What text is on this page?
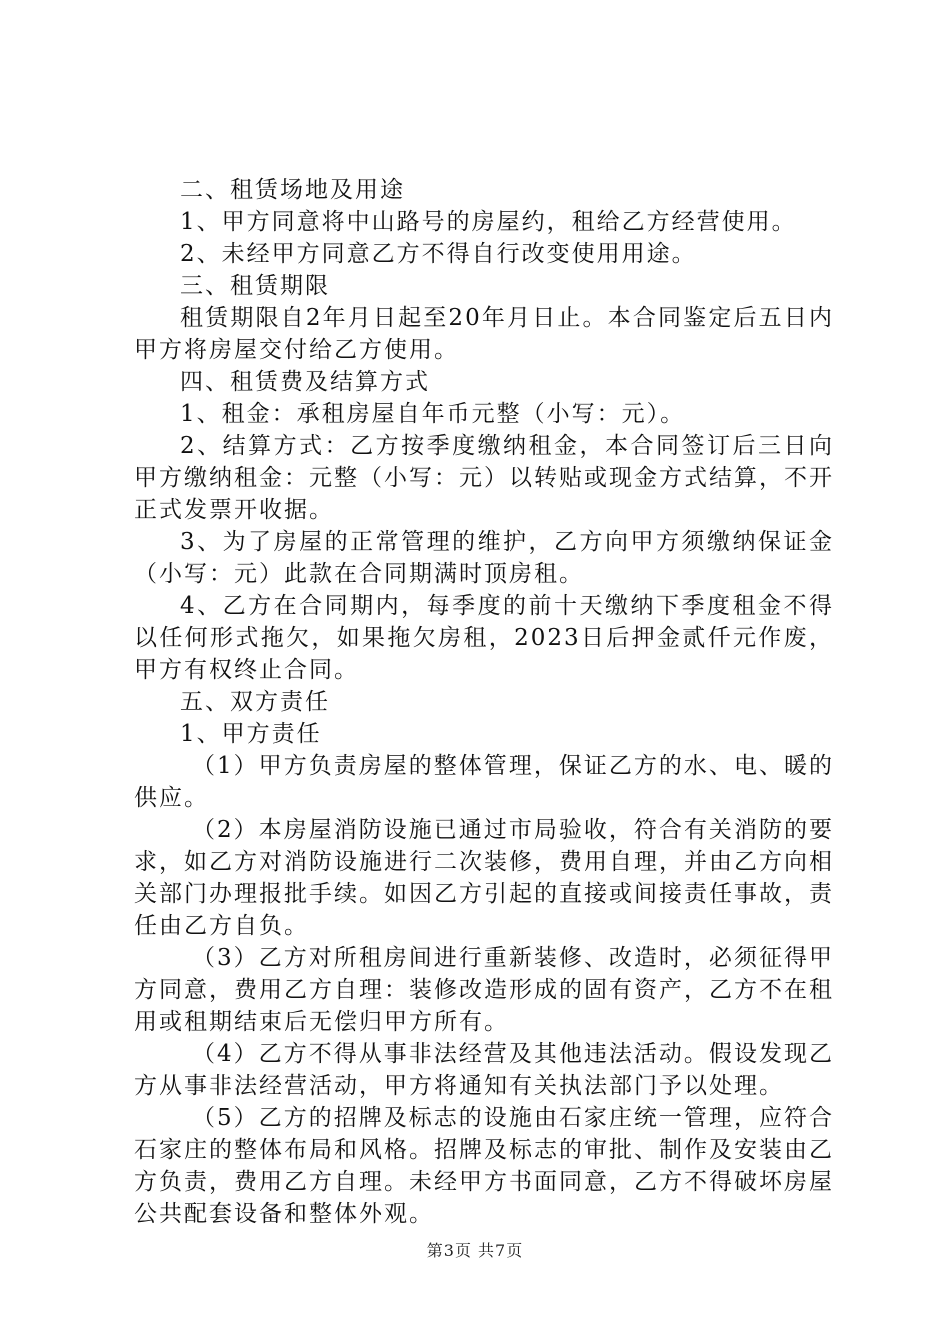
二、租赁场地及用途

1、甲方同意将中山路号的房屋约，租给乙方经营使用。

2、未经甲方同意乙方不得自行改变使用用途。

三、租赁期限

租赁期限自2年月日起至20年月日止。本合同鉴定后五日内甲方将房屋交付给乙方使用。

四、租赁费及结算方式

1、租金：承租房屋自年币元整（小写：元）。

2、结算方式：乙方按季度缴纳租金，本合同签订后三日向甲方缴纳租金：元整（小写：元）以转贴或现金方式结算，不开正式发票开收据。

3、为了房屋的正常管理的维护，乙方向甲方须缴纳保证金（小写：元）此款在合同期满时顶房租。

4、乙方在合同期内，每季度的前十天缴纳下季度租金不得以任何形式拖欠，如果拖欠房租，2023日后押金贰仟元作废，甲方有权终止合同。

五、双方责任

1、甲方责任

（1）甲方负责房屋的整体管理，保证乙方的水、电、暖的供应。

（2）本房屋消防设施已通过市局验收，符合有关消防的要求，如乙方对消防设施进行二次装修，费用自理，并由乙方向相关部门办理报批手续。如因乙方引起的直接或间接责任事故，责任由乙方自负。

（3）乙方对所租房间进行重新装修、改造时，必须征得甲方同意，费用乙方自理：装修改造形成的固有资产，乙方不在租用或租期结束后无偿归甲方所有。

（4）乙方不得从事非法经营及其他违法活动。假设发现乙方从事非法经营活动，甲方将通知有关执法部门予以处理。

（5）乙方的招牌及标志的设施由石家庄统一管理，应符合石家庄的整体布局和风格。招牌及标志的审批、制作及安装由乙方负责，费用乙方自理。未经甲方书面同意，乙方不得破坏房屋公共配套设备和整体外观。

第3页 共7页
